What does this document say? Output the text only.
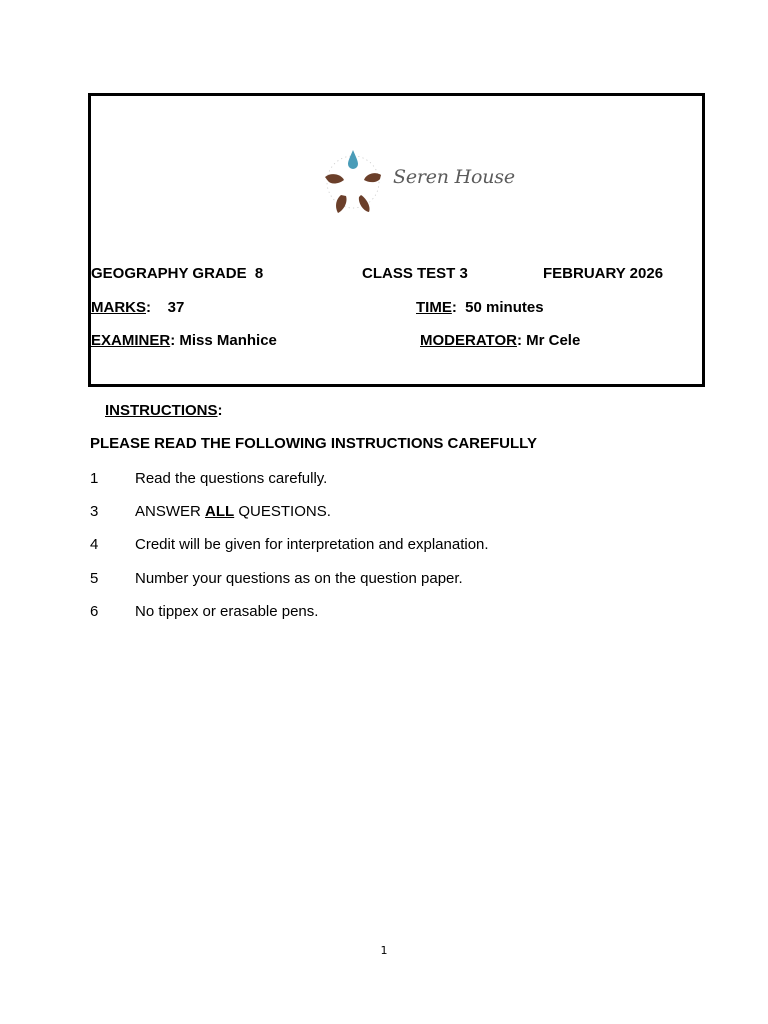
Seren House
GEOGRAPHY GRADE  8	CLASS TEST 3	FEBRUARY 2026
MARKS:    37	TIME:  50 minutes
EXAMINER: Miss Manhice	MODERATOR: Mr Cele
INSTRUCTIONS:
PLEASE READ THE FOLLOWING INSTRUCTIONS CAREFULLY

1

Read the questions carefully.

3

ANSWER ALL QUESTIONS.

4

Credit will be given for interpretation and explanation.

5

Number your questions as on the question paper.

6

No tippex or erasable pens.

1
